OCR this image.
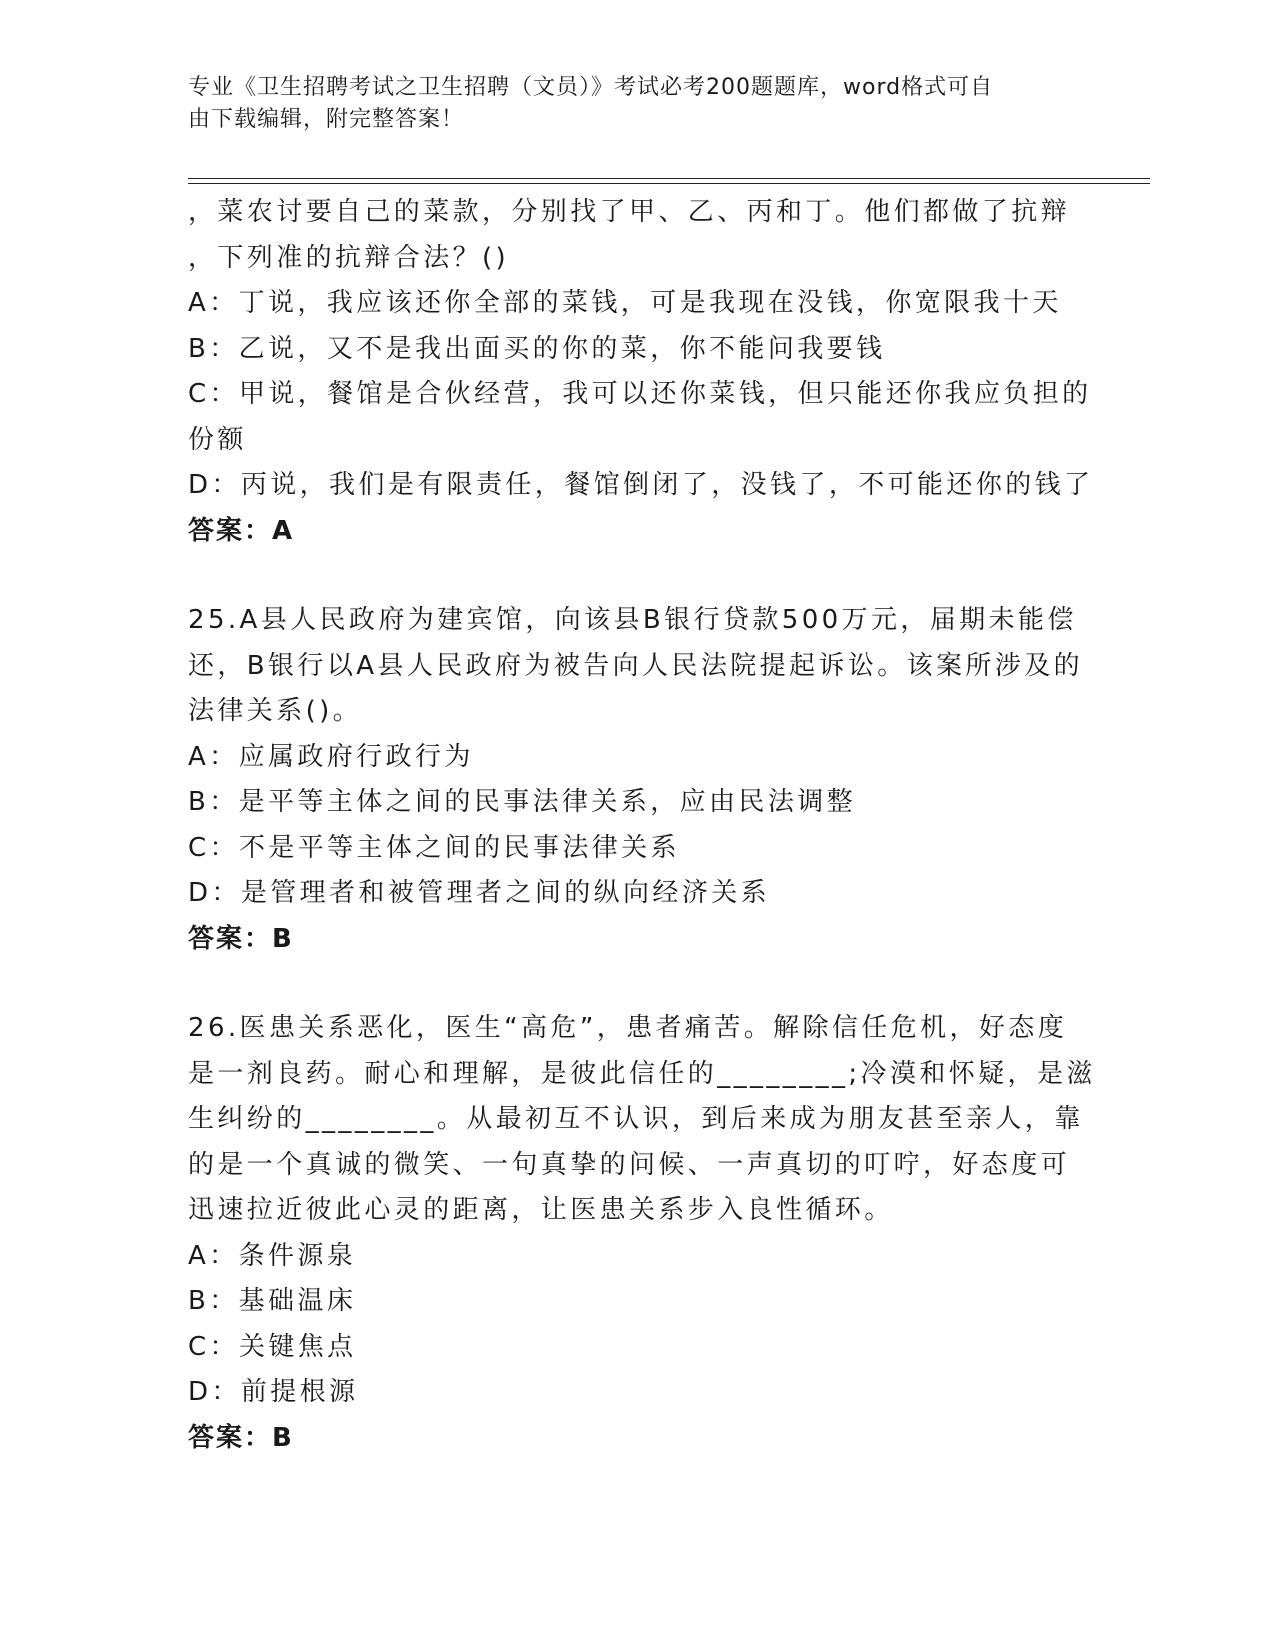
专业《卫生招聘考试之卫生招聘（文员）》考试必考200题题库，word格式可自
由下载编辑，附完整答案！
，菜农讨要自己的菜款，分别找了甲、乙、丙和丁。他们都做了抗辩
，下列准的抗辩合法？()
A：丁说，我应该还你全部的菜钱，可是我现在没钱，你宽限我十天
B：乙说，又不是我出面买的你的菜，你不能问我要钱
C：甲说，餐馆是合伙经营，我可以还你菜钱，但只能还你我应负担的
份额
D：丙说，我们是有限责任，餐馆倒闭了，没钱了，不可能还你的钱了
答案：A
25.A县人民政府为建宾馆，向该县B银行贷款500万元，届期未能偿
还，B银行以A县人民政府为被告向人民法院提起诉讼。该案所涉及的
法律关系()。
A：应属政府行政行为
B：是平等主体之间的民事法律关系，应由民法调整
C：不是平等主体之间的民事法律关系
D：是管理者和被管理者之间的纵向经济关系
答案：B
26.医患关系恶化，医生“高危”，患者痛苦。解除信任危机，好态度
是一剂良药。耐心和理解，是彼此信任的________;冷漠和怀疑，是滋
生纠纷的________。从最初互不认识，到后来成为朋友甚至亲人，靠
的是一个真诚的微笑、一句真挚的问候、一声真切的叮咛，好态度可
迅速拉近彼此心灵的距离，让医患关系步入良性循环。
A：条件源泉
B：基础温床
C：关键焦点
D：前提根源
答案：B
